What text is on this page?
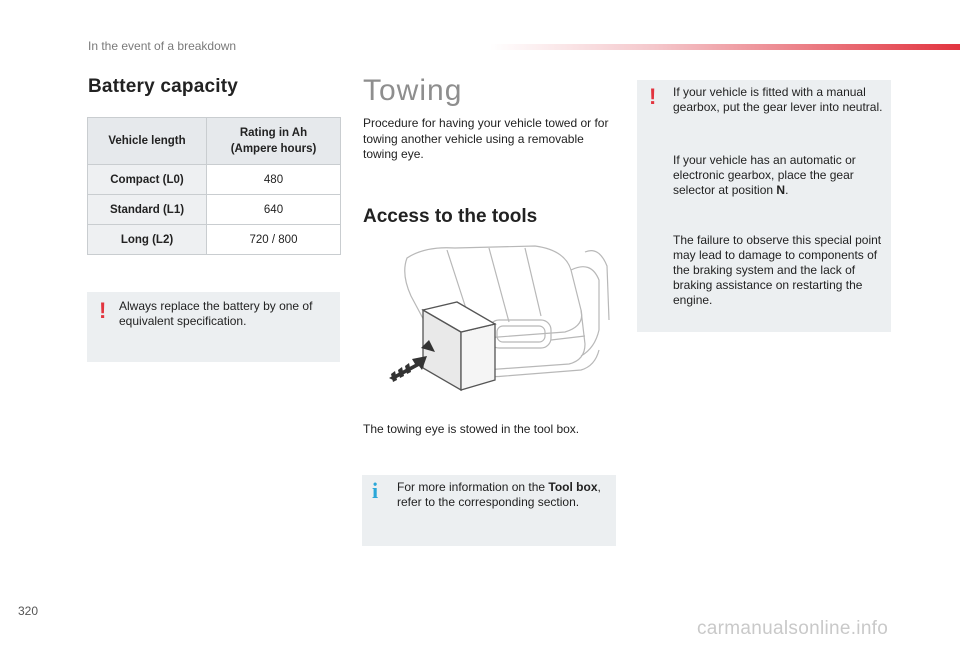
In the event of a breakdown
Battery capacity
Vehicle length	Rating in Ah
(Ampere hours)
Compact (L0)	480
Standard (L1)	640
Long (L2)	720 / 800
! Always replace the battery by one of equivalent specification.
Towing
Procedure for having your vehicle towed or for towing another vehicle using a removable towing eye.
Access to the tools
The towing eye is stowed in the tool box.
i For more information on the Tool box, refer to the corresponding section.
! If your vehicle is fitted with a manual gearbox, put the gear lever into neutral.
If your vehicle has an automatic or electronic gearbox, place the gear selector at position N.
The failure to observe this special point may lead to damage to components of the braking system and the lack of braking assistance on restarting the engine.
320
carmanualsonline.info
